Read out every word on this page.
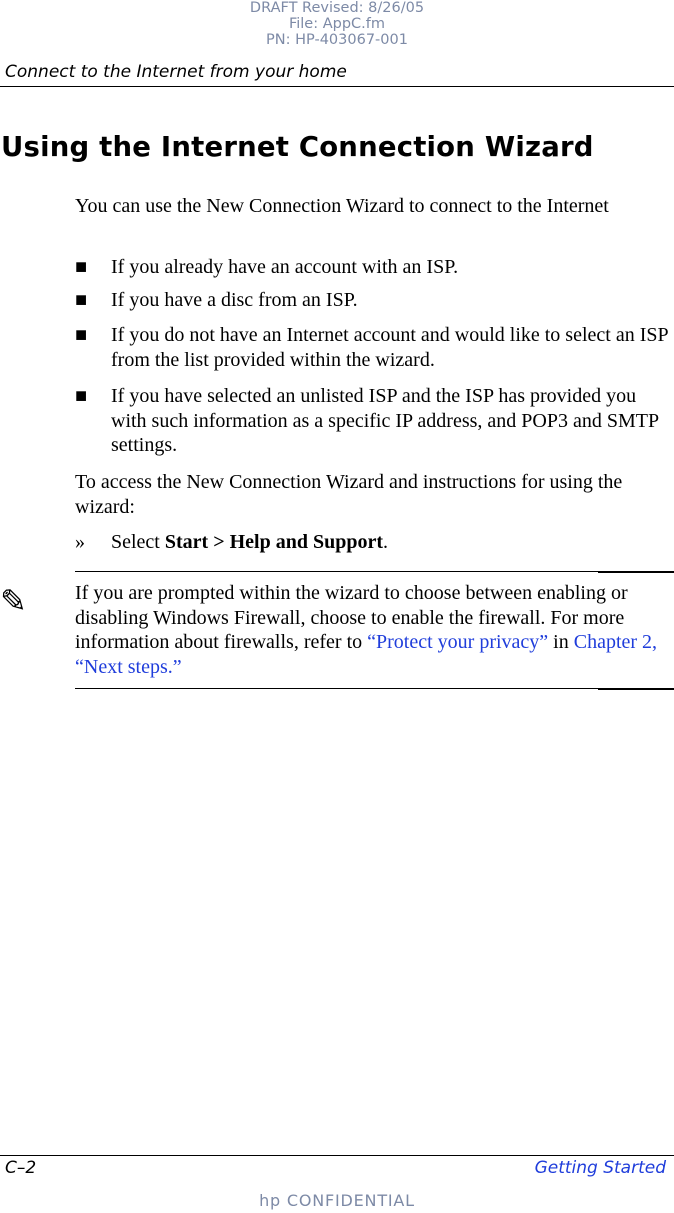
DRAFT Revised: 8/26/05
File: AppC.fm
PN: HP-403067-001
Connect to the Internet from your home
Using the Internet Connection Wizard

You can use the New Connection Wizard to connect to the Internet

■ If you already have an account with an ISP.

■ If you have a disc from an ISP.

■ If you do not have an Internet account and would like to select an ISP from the list provided within the wizard.

■ If you have selected an unlisted ISP and the ISP has provided you with such information as a specific IP address, and POP3 and SMTP settings.

To access the New Connection Wizard and instructions for using the wizard:

» Select Start > Help and Support.

✎ If you are prompted within the wizard to choose between enabling or disabling Windows Firewall, choose to enable the firewall. For more information about firewalls, refer to “Protect your privacy” in Chapter 2, “Next steps.”

C–2	Getting Started
hp CONFIDENTIAL
